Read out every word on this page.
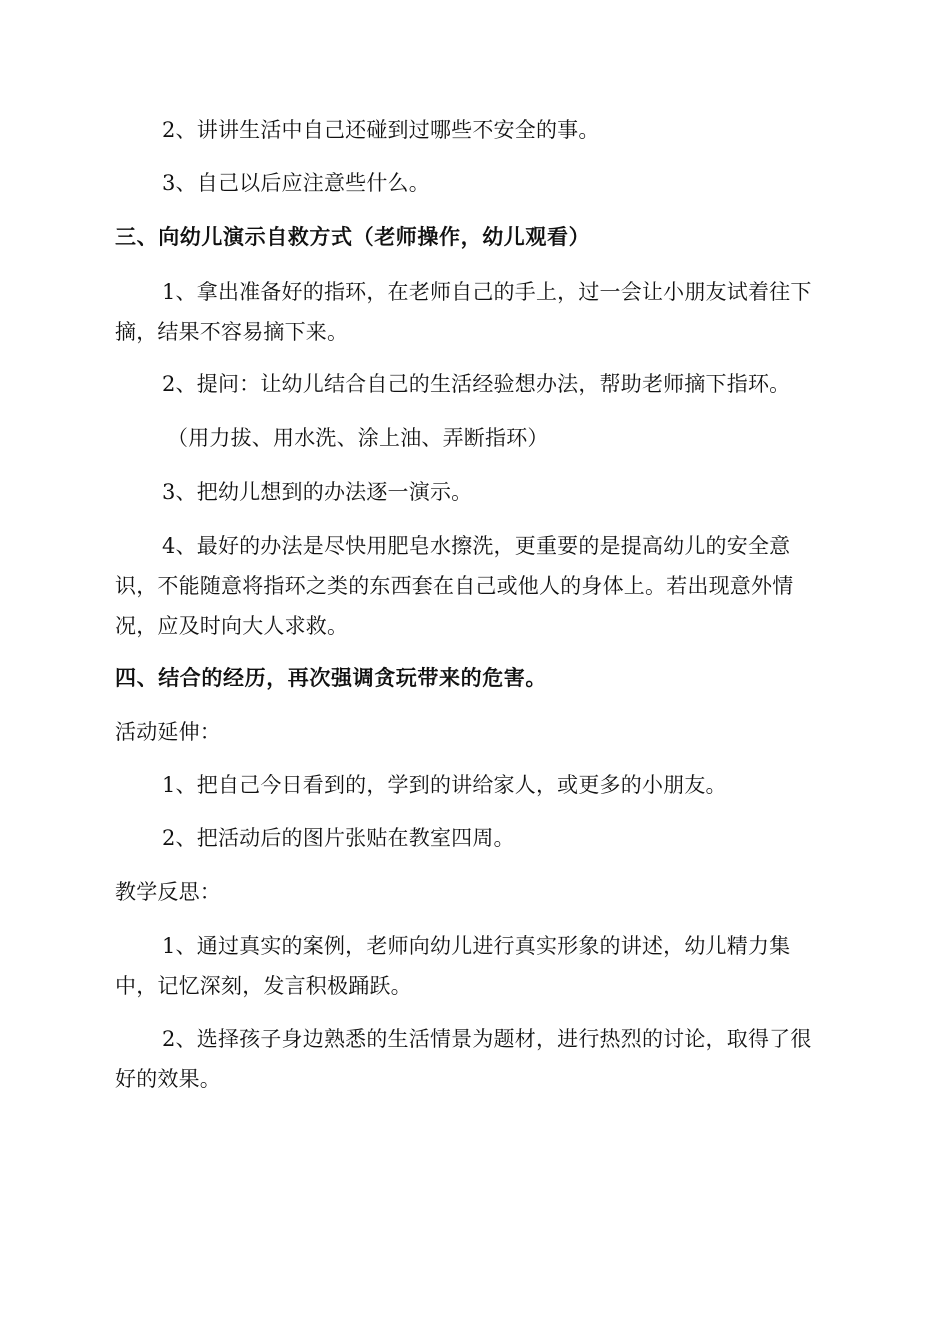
2、讲讲生活中自己还碰到过哪些不安全的事。

3、自己以后应注意些什么。

三、向幼儿演示自救方式（老师操作，幼儿观看）

1、拿出准备好的指环，在老师自己的手上，过一会让小朋友试着往下摘，结果不容易摘下来。

2、提问：让幼儿结合自己的生活经验想办法，帮助老师摘下指环。

（用力拔、用水洗、涂上油、弄断指环）

3、把幼儿想到的办法逐一演示。

4、最好的办法是尽快用肥皂水擦洗，更重要的是提高幼儿的安全意识，不能随意将指环之类的东西套在自己或他人的身体上。若出现意外情况，应及时向大人求救。

四、结合的经历，再次强调贪玩带来的危害。

活动延伸：

1、把自己今日看到的，学到的讲给家人，或更多的小朋友。

2、把活动后的图片张贴在教室四周。

教学反思：

1、通过真实的案例，老师向幼儿进行真实形象的讲述，幼儿精力集中，记忆深刻，发言积极踊跃。

2、选择孩子身边熟悉的生活情景为题材，进行热烈的讨论，取得了很好的效果。
